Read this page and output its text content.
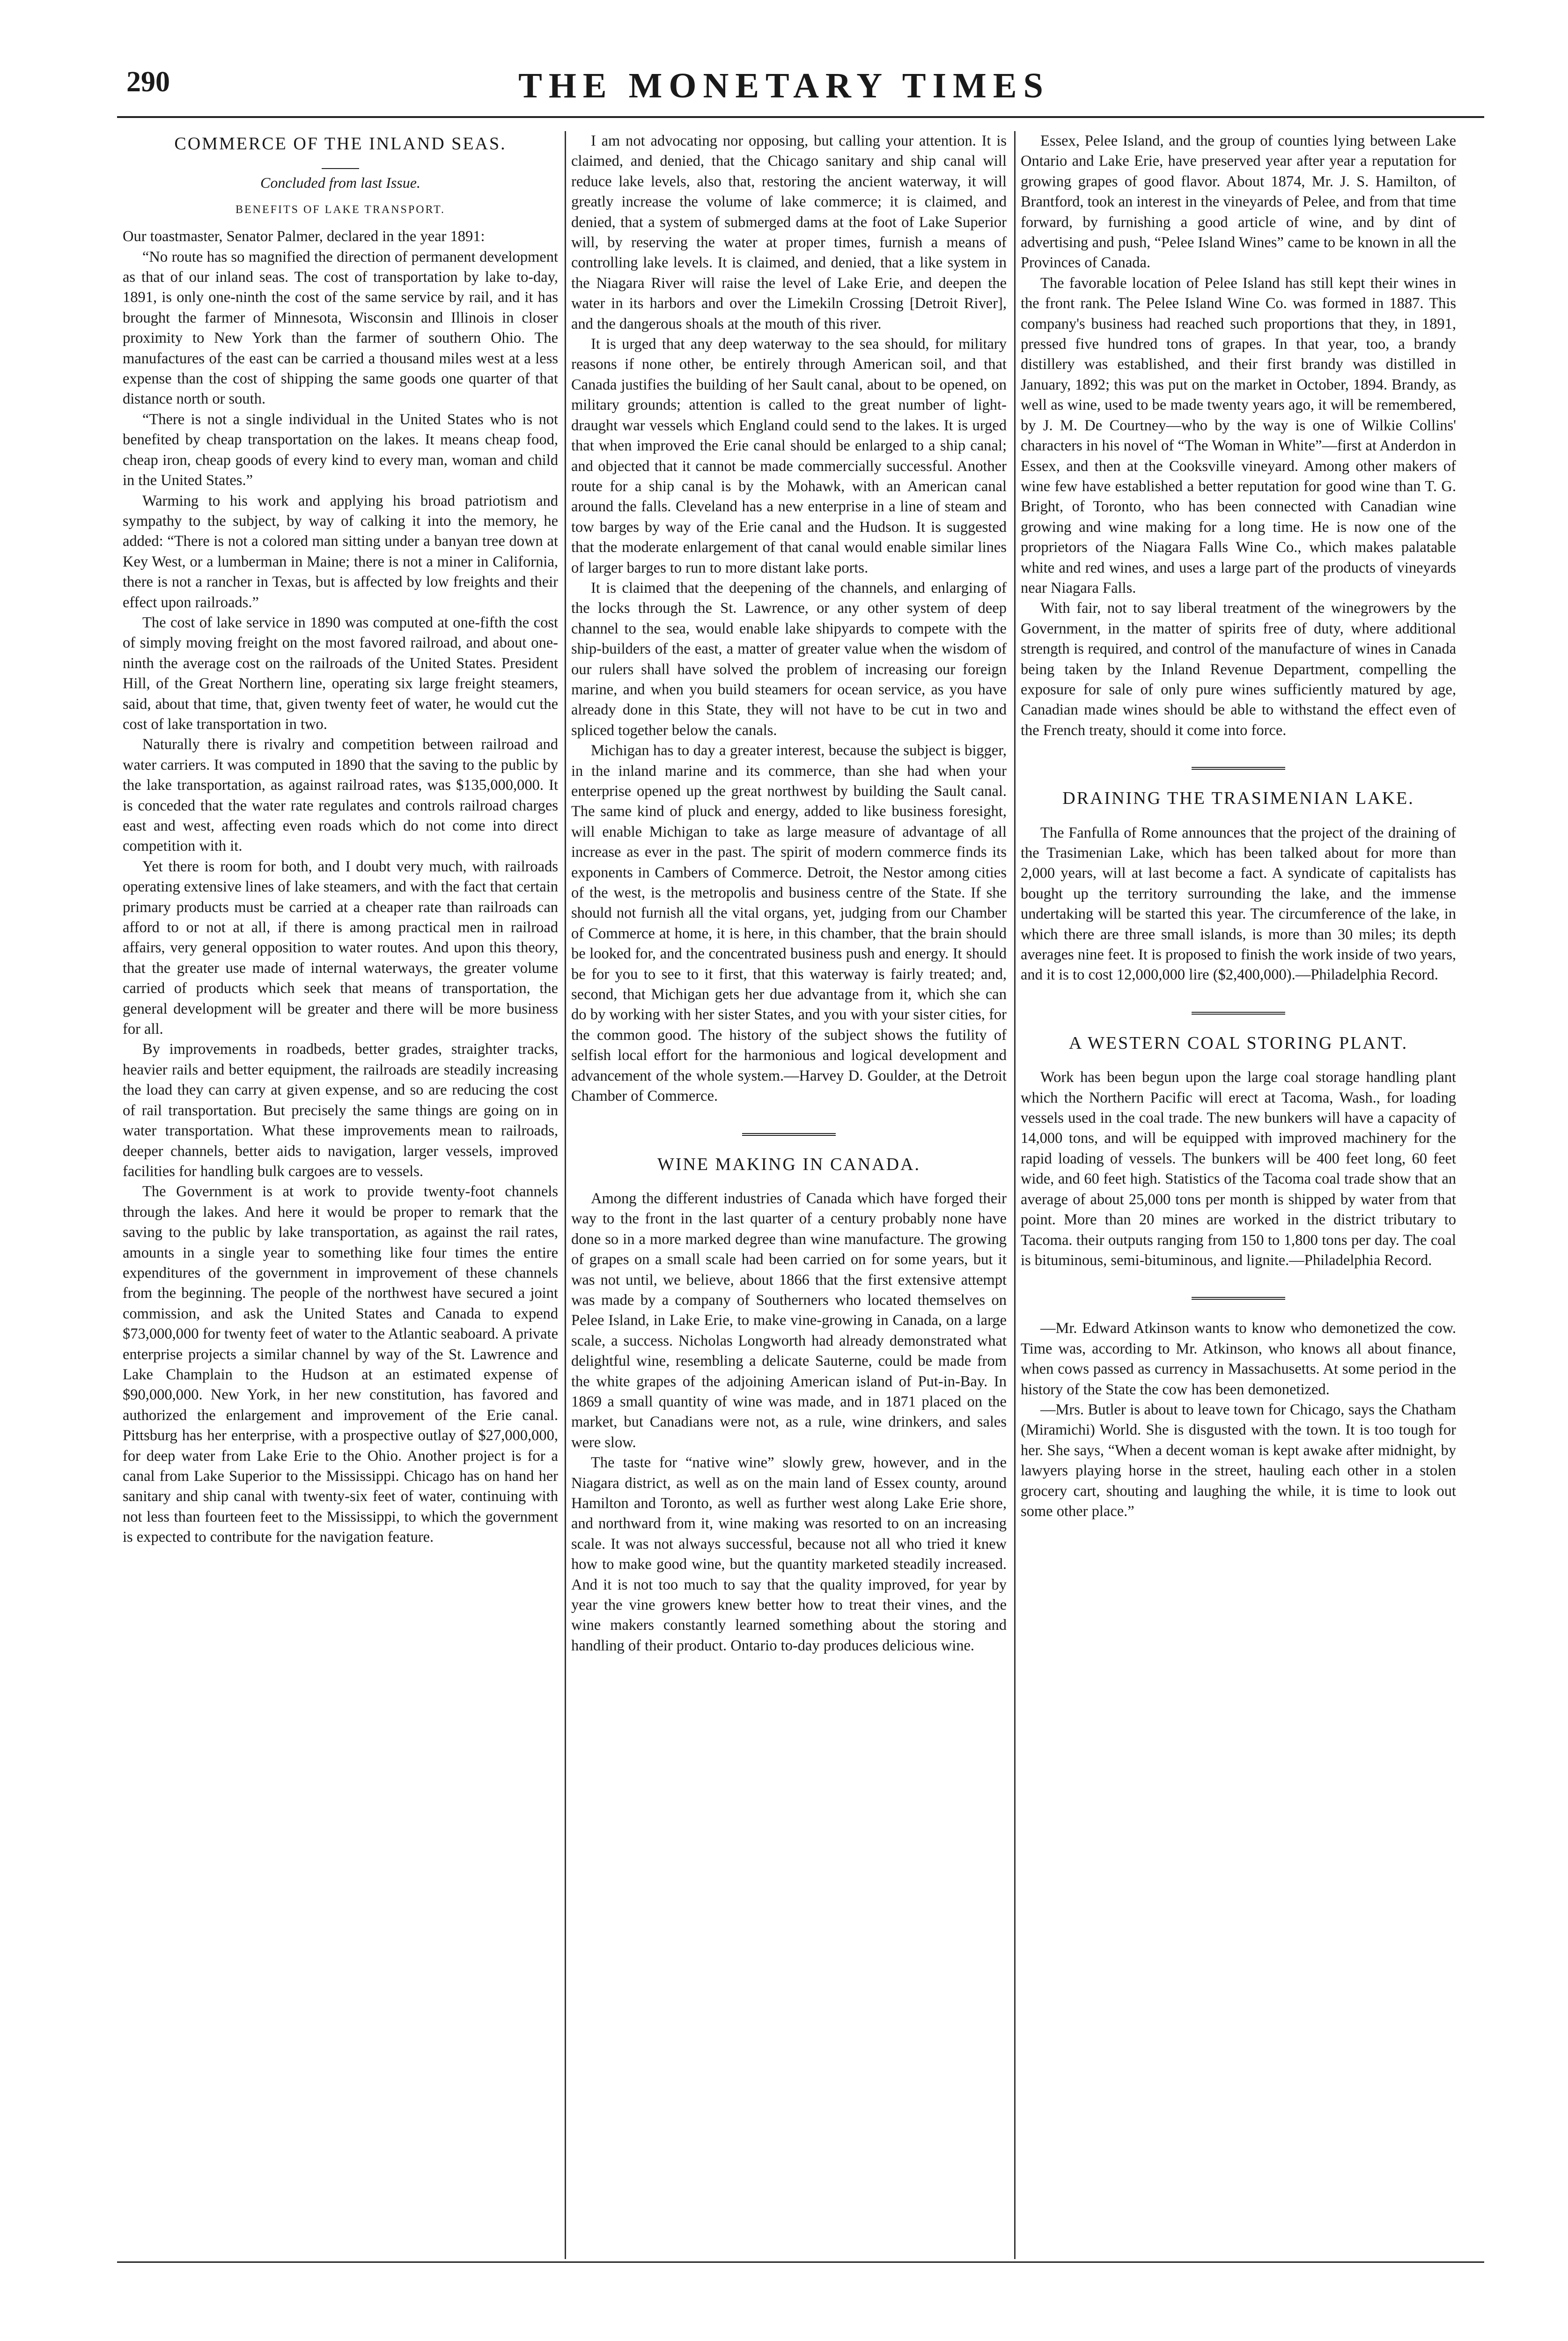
290	THE MONETARY TIMES
COMMERCE OF THE INLAND SEAS.
Concluded from last Issue.
BENEFITS OF LAKE TRANSPORT.

Our toastmaster, Senator Palmer, declared in the year 1891:

“No route has so magnified the direction of permanent development as that of our inland seas. The cost of transportation by lake to-day, 1891, is only one-ninth the cost of the same service by rail, and it has brought the farmer of Minnesota, Wisconsin and Illinois in closer proximity to New York than the farmer of southern Ohio. The manufactures of the east can be carried a thousand miles west at a less expense than the cost of shipping the same goods one quarter of that distance north or south.

“There is not a single individual in the United States who is not benefited by cheap transportation on the lakes. It means cheap food, cheap iron, cheap goods of every kind to every man, woman and child in the United States.”

Warming to his work and applying his broad patriotism and sympathy to the subject, by way of calking it into the memory, he added: “There is not a colored man sitting under a banyan tree down at Key West, or a lumberman in Maine; there is not a miner in California, there is not a rancher in Texas, but is affected by low freights and their effect upon railroads.”

The cost of lake service in 1890 was computed at one-fifth the cost of simply moving freight on the most favored railroad, and about one-ninth the average cost on the railroads of the United States. President Hill, of the Great Northern line, operating six large freight steamers, said, about that time, that, given twenty feet of water, he would cut the cost of lake transportation in two.

Naturally there is rivalry and competition between railroad and water carriers. It was computed in 1890 that the saving to the public by the lake transportation, as against railroad rates, was $135,000,000. It is conceded that the water rate regulates and controls railroad charges east and west, affecting even roads which do not come into direct competition with it.

Yet there is room for both, and I doubt very much, with railroads operating extensive lines of lake steamers, and with the fact that certain primary products must be carried at a cheaper rate than railroads can afford to or not at all, if there is among practical men in railroad affairs, very general opposition to water routes. And upon this theory, that the greater use made of internal waterways, the greater volume carried of products which seek that means of transportation, the general development will be greater and there will be more business for all.

By improvements in roadbeds, better grades, straighter tracks, heavier rails and better equipment, the railroads are steadily increasing the load they can carry at given expense, and so are reducing the cost of rail transportation. But precisely the same things are going on in water transportation. What these improvements mean to railroads, deeper channels, better aids to navigation, larger vessels, improved facilities for handling bulk cargoes are to vessels.

The Government is at work to provide twenty-foot channels through the lakes. And here it would be proper to remark that the saving to the public by lake transportation, as against the rail rates, amounts in a single year to something like four times the entire expenditures of the government in improvement of these channels from the beginning. The people of the northwest have secured a joint commission, and ask the United States and Canada to expend $73,000,000 for twenty feet of water to the Atlantic seaboard. A private enterprise projects a similar channel by way of the St. Lawrence and Lake Champlain to the Hudson at an estimated expense of $90,000,000. New York, in her new constitution, has favored and authorized the enlargement and improvement of the Erie canal. Pittsburg has her enterprise, with a prospective outlay of $27,000,000, for deep water from Lake Erie to the Ohio. Another project is for a canal from Lake Superior to the Mississippi. Chicago has on hand her sanitary and ship canal with twenty-six feet of water, continuing with not less than fourteen feet to the Mississippi, to which the government is expected to contribute for the navigation feature.

I am not advocating nor opposing, but calling your attention. It is claimed, and denied, that the Chicago sanitary and ship canal will reduce lake levels, also that, restoring the ancient waterway, it will greatly increase the volume of lake commerce; it is claimed, and denied, that a system of submerged dams at the foot of Lake Superior will, by reserving the water at proper times, furnish a means of controlling lake levels. It is claimed, and denied, that a like system in the Niagara River will raise the level of Lake Erie, and deepen the water in its harbors and over the Limekiln Crossing [Detroit River], and the dangerous shoals at the mouth of this river.

It is urged that any deep waterway to the sea should, for military reasons if none other, be entirely through American soil, and that Canada justifies the building of her Sault canal, about to be opened, on military grounds; attention is called to the great number of light-draught war vessels which England could send to the lakes. It is urged that when improved the Erie canal should be enlarged to a ship canal; and objected that it cannot be made commercially successful. Another route for a ship canal is by the Mohawk, with an American canal around the falls. Cleveland has a new enterprise in a line of steam and tow barges by way of the Erie canal and the Hudson. It is suggested that the moderate enlargement of that canal would enable similar lines of larger barges to run to more distant lake ports.

It is claimed that the deepening of the channels, and enlarging of the locks through the St. Lawrence, or any other system of deep channel to the sea, would enable lake shipyards to compete with the ship-builders of the east, a matter of greater value when the wisdom of our rulers shall have solved the problem of increasing our foreign marine, and when you build steamers for ocean service, as you have already done in this State, they will not have to be cut in two and spliced together below the canals.

Michigan has to day a greater interest, because the subject is bigger, in the inland marine and its commerce, than she had when your enterprise opened up the great northwest by building the Sault canal. The same kind of pluck and energy, added to like business foresight, will enable Michigan to take as large measure of advantage of all increase as ever in the past. The spirit of modern commerce finds its exponents in Cambers of Commerce. Detroit, the Nestor among cities of the west, is the metropolis and business centre of the State. If she should not furnish all the vital organs, yet, judging from our Chamber of Commerce at home, it is here, in this chamber, that the brain should be looked for, and the concentrated business push and energy. It should be for you to see to it first, that this waterway is fairly treated; and, second, that Michigan gets her due advantage from it, which she can do by working with her sister States, and you with your sister cities, for the common good. The history of the subject shows the futility of selfish local effort for the harmonious and logical development and advancement of the whole system.—Harvey D. Goulder, at the Detroit Chamber of Commerce.

WINE MAKING IN CANADA.

Among the different industries of Canada which have forged their way to the front in the last quarter of a century probably none have done so in a more marked degree than wine manufacture. The growing of grapes on a small scale had been carried on for some years, but it was not until, we believe, about 1866 that the first extensive attempt was made by a company of Southerners who located themselves on Pelee Island, in Lake Erie, to make vine-growing in Canada, on a large scale, a success. Nicholas Longworth had already demonstrated what delightful wine, resembling a delicate Sauterne, could be made from the white grapes of the adjoining American island of Put-in-Bay. In 1869 a small quantity of wine was made, and in 1871 placed on the market, but Canadians were not, as a rule, wine drinkers, and sales were slow.

The taste for “native wine” slowly grew, however, and in the Niagara district, as well as on the main land of Essex county, around Hamilton and Toronto, as well as further west along Lake Erie shore, and northward from it, wine making was resorted to on an increasing scale. It was not always successful, because not all who tried it knew how to make good wine, but the quantity marketed steadily increased. And it is not too much to say that the quality improved, for year by year the vine growers knew better how to treat their vines, and the wine makers constantly learned something about the storing and handling of their product. Ontario to-day produces delicious wine.

Essex, Pelee Island, and the group of counties lying between Lake Ontario and Lake Erie, have preserved year after year a reputation for growing grapes of good flavor. About 1874, Mr. J. S. Hamilton, of Brantford, took an interest in the vineyards of Pelee, and from that time forward, by furnishing a good article of wine, and by dint of advertising and push, “Pelee Island Wines” came to be known in all the Provinces of Canada.

The favorable location of Pelee Island has still kept their wines in the front rank. The Pelee Island Wine Co. was formed in 1887. This company's business had reached such proportions that they, in 1891, pressed five hundred tons of grapes. In that year, too, a brandy distillery was established, and their first brandy was distilled in January, 1892; this was put on the market in October, 1894. Brandy, as well as wine, used to be made twenty years ago, it will be remembered, by J. M. De Courtney—who by the way is one of Wilkie Collins' characters in his novel of “The Woman in White”—first at Anderdon in Essex, and then at the Cooksville vineyard. Among other makers of wine few have established a better reputation for good wine than T. G. Bright, of Toronto, who has been connected with Canadian wine growing and wine making for a long time. He is now one of the proprietors of the Niagara Falls Wine Co., which makes palatable white and red wines, and uses a large part of the products of vineyards near Niagara Falls.

With fair, not to say liberal treatment of the winegrowers by the Government, in the matter of spirits free of duty, where additional strength is required, and control of the manufacture of wines in Canada being taken by the Inland Revenue Department, compelling the exposure for sale of only pure wines sufficiently matured by age, Canadian made wines should be able to withstand the effect even of the French treaty, should it come into force.

DRAINING THE TRASIMENIAN LAKE.

The Fanfulla of Rome announces that the project of the draining of the Trasimenian Lake, which has been talked about for more than 2,000 years, will at last become a fact. A syndicate of capitalists has bought up the territory surrounding the lake, and the immense undertaking will be started this year. The circumference of the lake, in which there are three small islands, is more than 30 miles; its depth averages nine feet. It is proposed to finish the work inside of two years, and it is to cost 12,000,000 lire ($2,400,000).—Philadelphia Record.

A WESTERN COAL STORING PLANT.

Work has been begun upon the large coal storage handling plant which the Northern Pacific will erect at Tacoma, Wash., for loading vessels used in the coal trade. The new bunkers will have a capacity of 14,000 tons, and will be equipped with improved machinery for the rapid loading of vessels. The bunkers will be 400 feet long, 60 feet wide, and 60 feet high. Statistics of the Tacoma coal trade show that an average of about 25,000 tons per month is shipped by water from that point. More than 20 mines are worked in the district tributary to Tacoma. their outputs ranging from 150 to 1,800 tons per day. The coal is bituminous, semi-bituminous, and lignite.—Philadelphia Record.

—Mr. Edward Atkinson wants to know who demonetized the cow. Time was, according to Mr. Atkinson, who knows all about finance, when cows passed as currency in Massachusetts. At some period in the history of the State the cow has been demonetized.

—Mrs. Butler is about to leave town for Chicago, says the Chatham (Miramichi) World. She is disgusted with the town. It is too tough for her. She says, “When a decent woman is kept awake after midnight, by lawyers playing horse in the street, hauling each other in a stolen grocery cart, shouting and laughing the while, it is time to look out some other place.”
